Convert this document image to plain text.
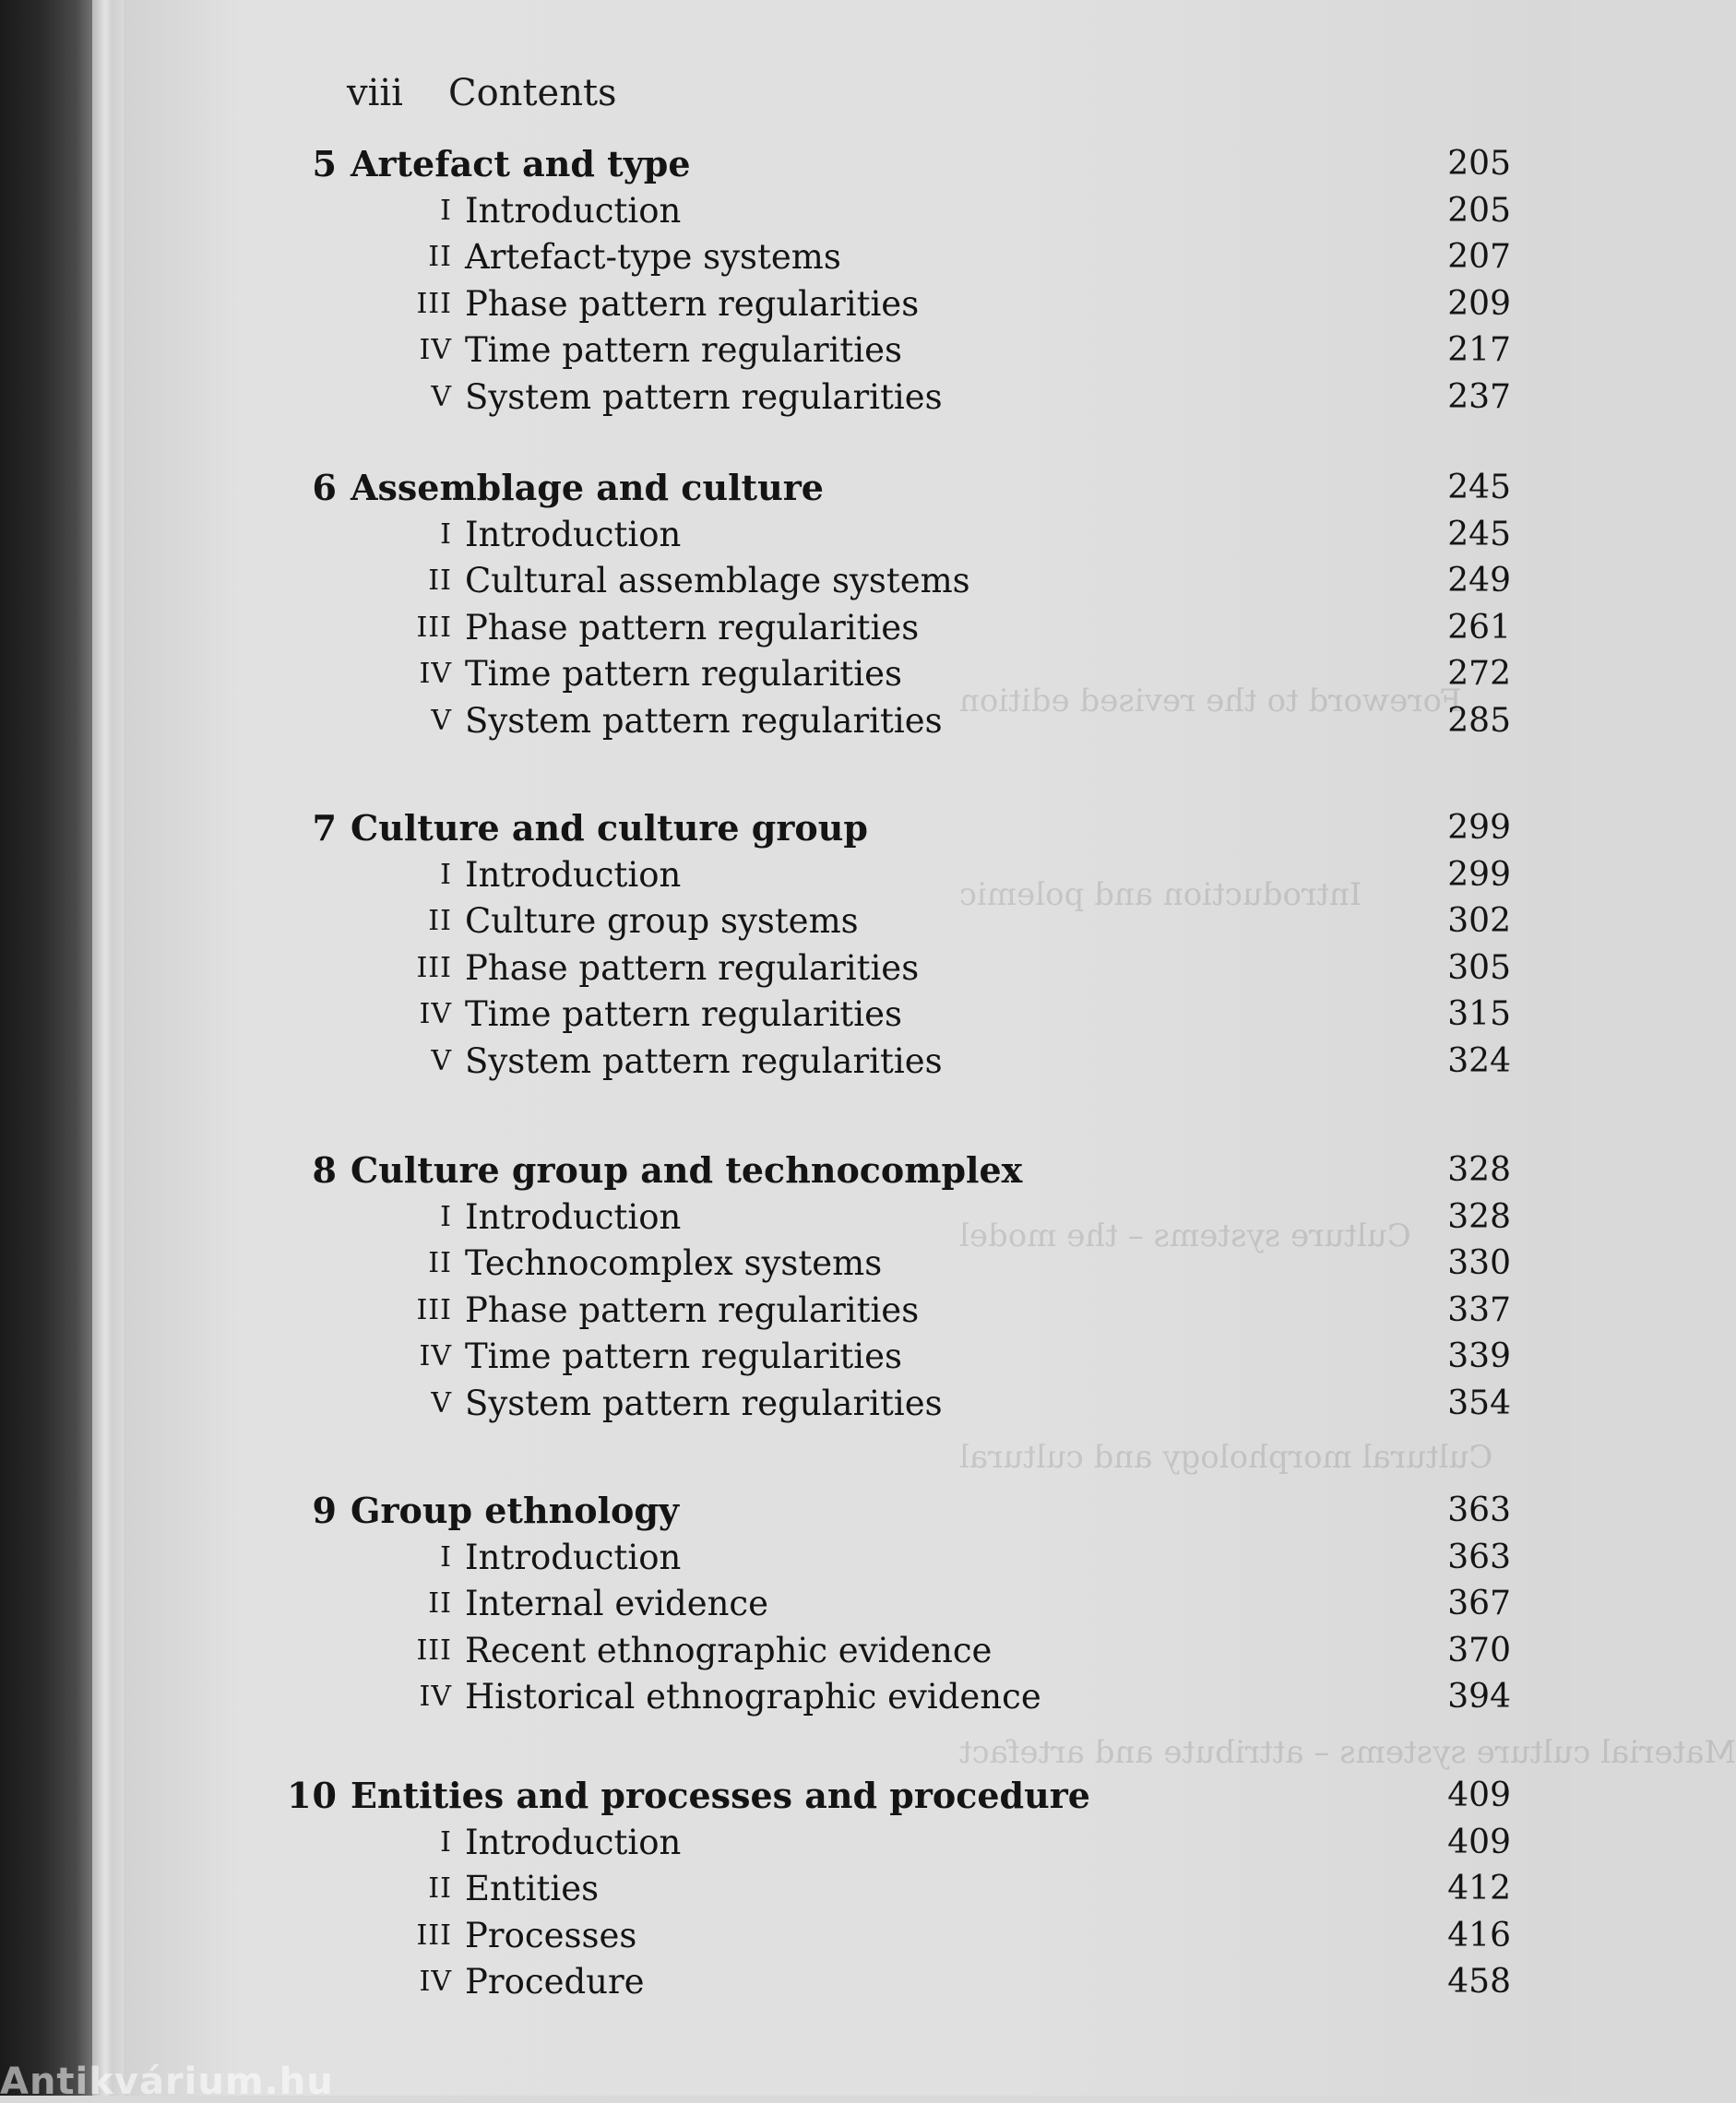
Foreword to the revised edition
Introduction and polemic
Culture systems – the model
Cultural morphology and cultural
Material culture systems – attribute and artefact
viii Contents
5 Artefact and type	205
I Introduction	205
II Artefact-type systems	207
III Phase pattern regularities	209
IV Time pattern regularities	217
V System pattern regularities	237
6 Assemblage and culture	245
I Introduction	245
II Cultural assemblage systems	249
III Phase pattern regularities	261
IV Time pattern regularities	272
V System pattern regularities	285
7 Culture and culture group	299
I Introduction	299
II Culture group systems	302
III Phase pattern regularities	305
IV Time pattern regularities	315
V System pattern regularities	324
8 Culture group and technocomplex	328
I Introduction	328
II Technocomplex systems	330
III Phase pattern regularities	337
IV Time pattern regularities	339
V System pattern regularities	354
9 Group ethnology	363
I Introduction	363
II Internal evidence	367
III Recent ethnographic evidence	370
IV Historical ethnographic evidence	394
10 Entities and processes and procedure	409
I Introduction	409
II Entities	412
III Processes	416
IV Procedure	458
Antikvárium.hu
